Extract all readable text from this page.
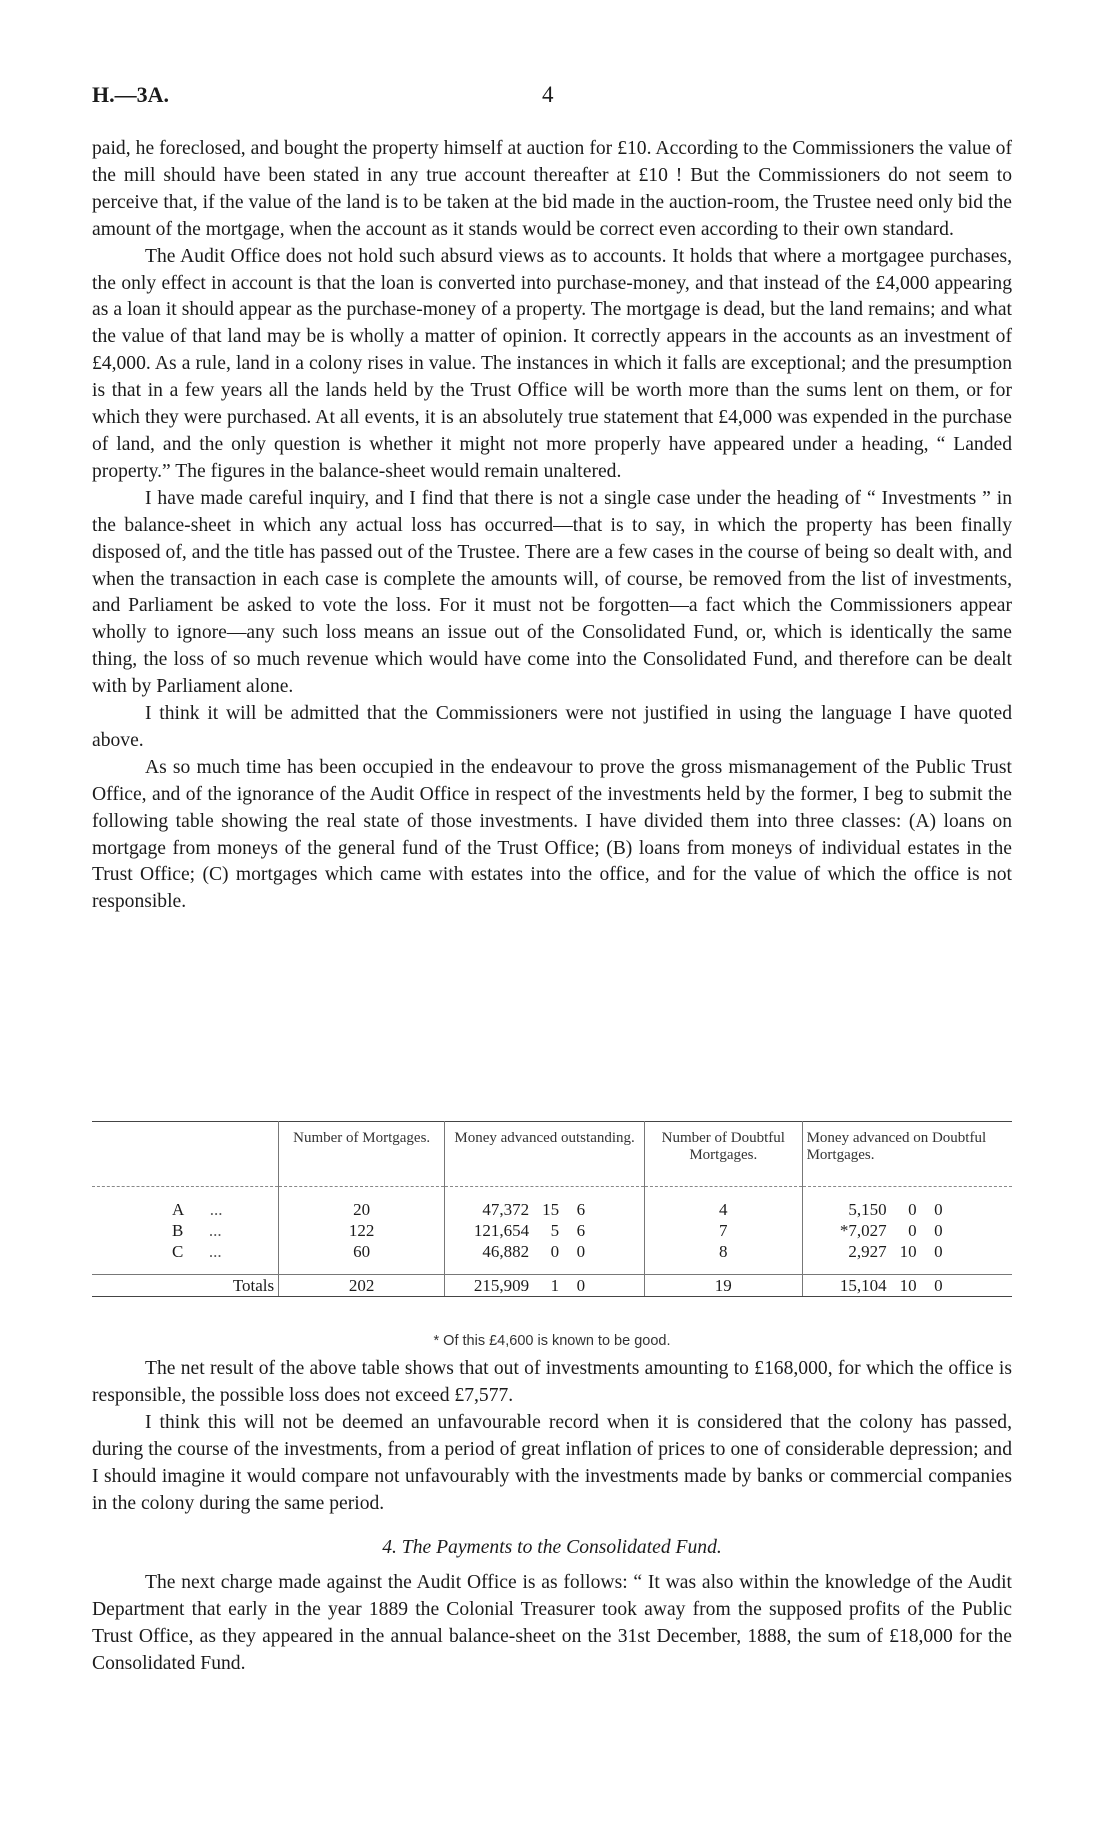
H.—3A.	4

paid, he foreclosed, and bought the property himself at auction for £10. According to the Commissioners the value of the mill should have been stated in any true account thereafter at £10 ! But the Commissioners do not seem to perceive that, if the value of the land is to be taken at the bid made in the auction-room, the Trustee need only bid the amount of the mortgage, when the account as it stands would be correct even according to their own standard.

The Audit Office does not hold such absurd views as to accounts. It holds that where a mortgagee purchases, the only effect in account is that the loan is converted into purchase-money, and that instead of the £4,000 appearing as a loan it should appear as the purchase-money of a property. The mortgage is dead, but the land remains; and what the value of that land may be is wholly a matter of opinion. It correctly appears in the accounts as an investment of £4,000. As a rule, land in a colony rises in value. The instances in which it falls are exceptional; and the presumption is that in a few years all the lands held by the Trust Office will be worth more than the sums lent on them, or for which they were purchased. At all events, it is an absolutely true statement that £4,000 was expended in the purchase of land, and the only question is whether it might not more properly have appeared under a heading, “ Landed property.” The figures in the balance-sheet would remain unaltered.

I have made careful inquiry, and I find that there is not a single case under the heading of “ Investments ” in the balance-sheet in which any actual loss has occurred—that is to say, in which the property has been finally disposed of, and the title has passed out of the Trustee. There are a few cases in the course of being so dealt with, and when the transaction in each case is complete the amounts will, of course, be removed from the list of investments, and Parliament be asked to vote the loss. For it must not be forgotten—a fact which the Commissioners appear wholly to ignore—any such loss means an issue out of the Consolidated Fund, or, which is identically the same thing, the loss of so much revenue which would have come into the Consolidated Fund, and therefore can be dealt with by Parliament alone.

I think it will be admitted that the Commissioners were not justified in using the language I have quoted above.

As so much time has been occupied in the endeavour to prove the gross mismanagement of the Public Trust Office, and of the ignorance of the Audit Office in respect of the investments held by the former, I beg to submit the following table showing the real state of those investments. I have divided them into three classes: (A) loans on mortgage from moneys of the general fund of the Trust Office; (B) loans from moneys of individual estates in the Trust Office; (C) mortgages which came with estates into the office, and for the value of which the office is not responsible.

	Number of Mortgages.	Money advanced outstanding.	Number of Doubtful Mortgages.	Money advanced on Doubtful Mortgages.

A ...	20	47,372 15 6	4	5,150 0 0
B ...	122	121,654 5 6	7	*7,027 0 0
C ...	60	46,882 0 0	8	2,927 10 0

Totals	202	215,909 1 0	19	15,104 10 0
* Of this £4,600 is known to be good.

The net result of the above table shows that out of investments amounting to £168,000, for which the office is responsible, the possible loss does not exceed £7,577.

I think this will not be deemed an unfavourable record when it is considered that the colony has passed, during the course of the investments, from a period of great inflation of prices to one of considerable depression; and I should imagine it would compare not unfavourably with the investments made by banks or commercial companies in the colony during the same period.

4. The Payments to the Consolidated Fund.

The next charge made against the Audit Office is as follows: “ It was also within the knowledge of the Audit Department that early in the year 1889 the Colonial Treasurer took away from the supposed profits of the Public Trust Office, as they appeared in the annual balance-sheet on the 31st December, 1888, the sum of £18,000 for the Consolidated Fund.
